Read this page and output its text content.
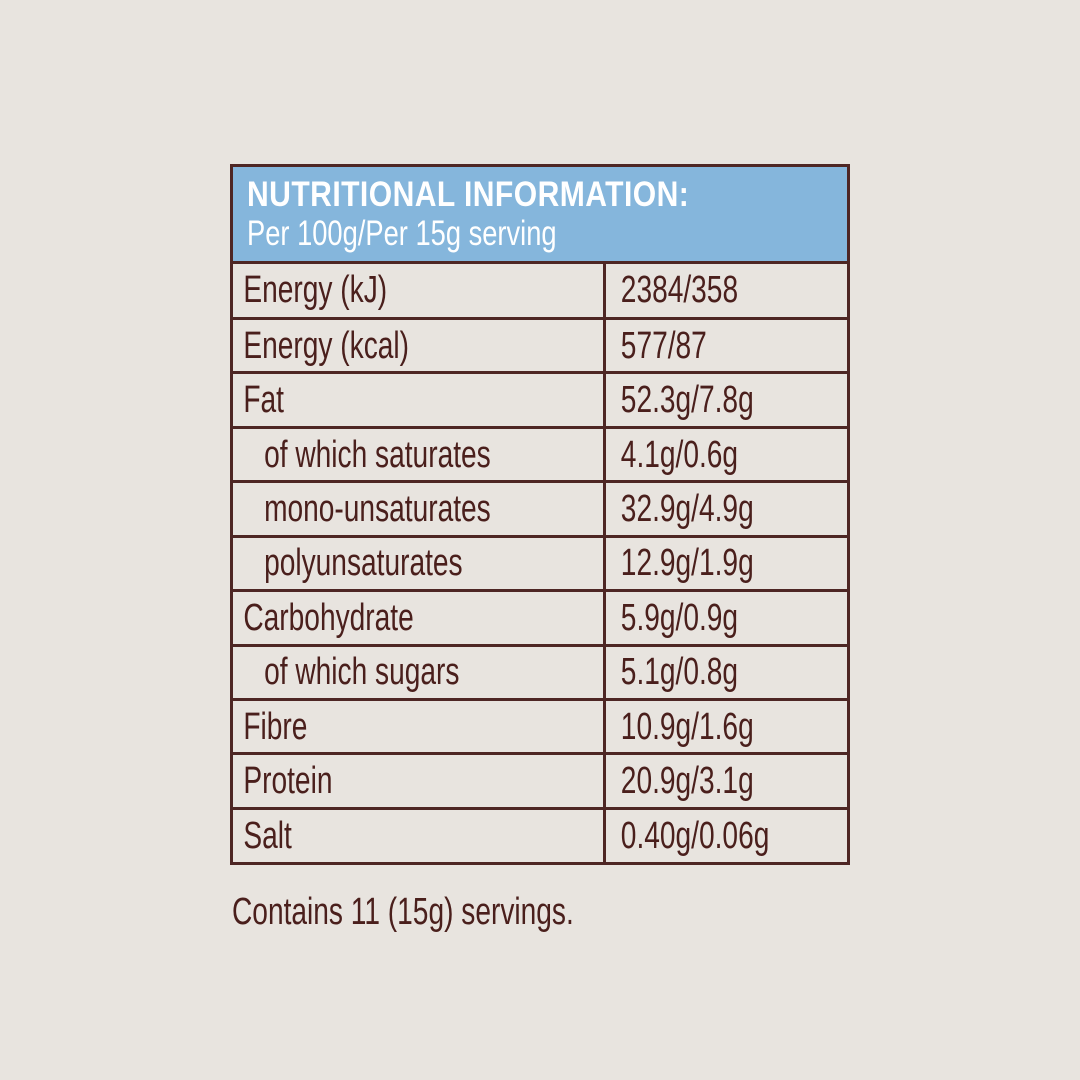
NUTRITIONAL INFORMATION:
Per 100g/Per 15g serving
Energy (kJ)	2384/358
Energy (kcal)	577/87
Fat	52.3g/7.8g
of which saturates	4.1g/0.6g
mono-unsaturates	32.9g/4.9g
polyunsaturates	12.9g/1.9g
Carbohydrate	5.9g/0.9g
of which sugars	5.1g/0.8g
Fibre	10.9g/1.6g
Protein	20.9g/3.1g
Salt	0.40g/0.06g
Contains 11 (15g) servings.
